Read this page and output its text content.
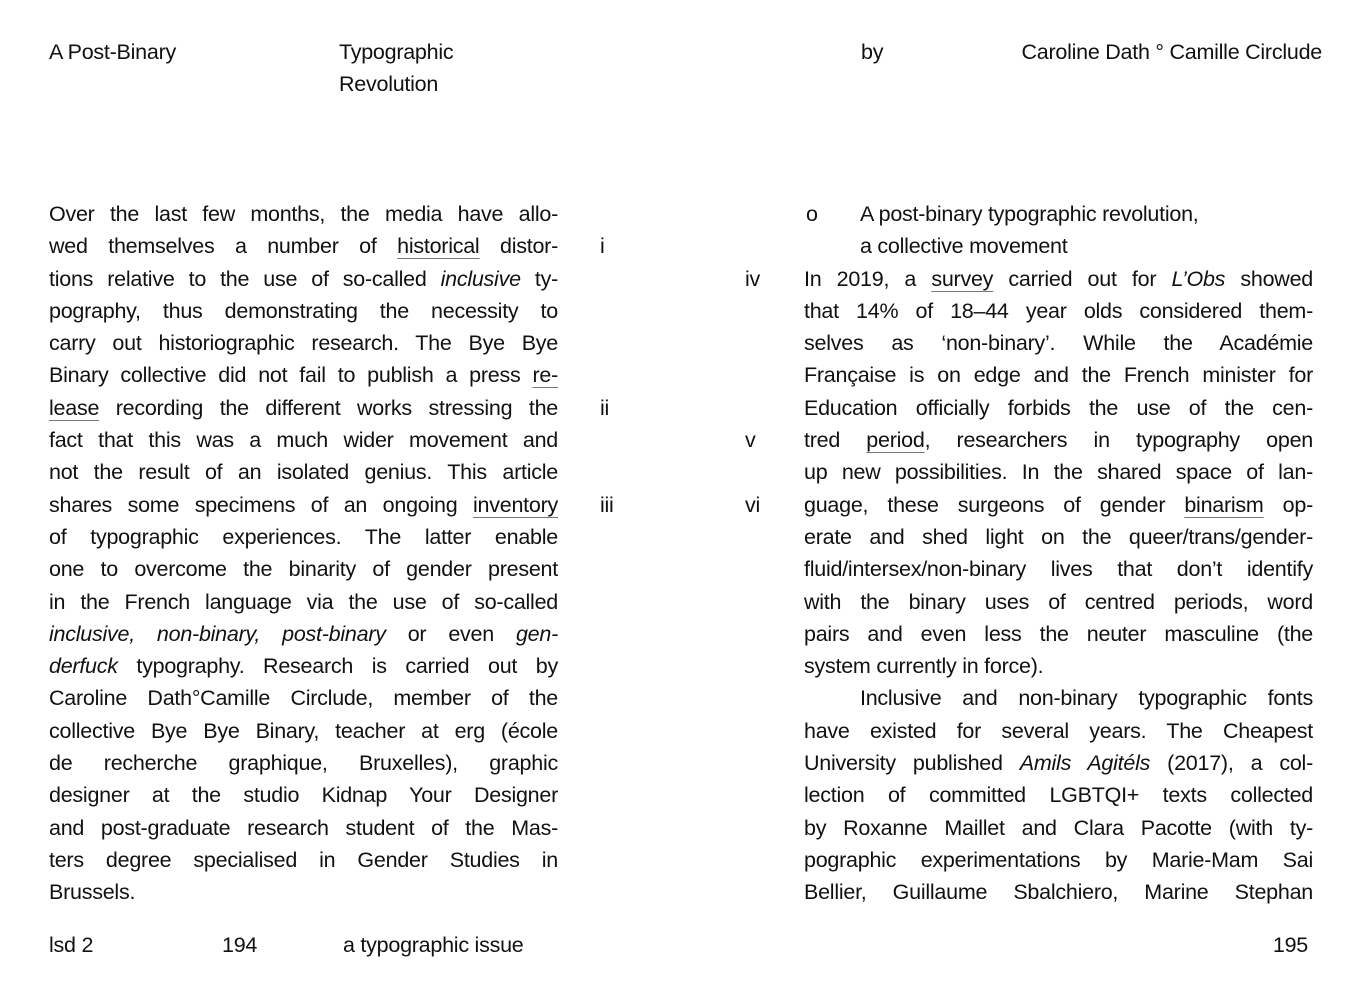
A Post-Binary	Typographic
Revolution
by	Caroline Dath ° Camille Circlude
Over the last few months, the media have allo-
wed themselves a number of historical distor-
tions relative to the use of so-called inclusive ty-
pography, thus demonstrating the necessity to
carry out historiographic research. The Bye Bye
Binary collective did not fail to publish a press re-
lease recording the different works stressing the
fact that this was a much wider movement and
not the result of an isolated genius. This article
shares some specimens of an ongoing inventory
of typographic experiences. The latter enable
one to overcome the binarity of gender present
in the French language via the use of so-called
inclusive, non-binary, post-binary or even gen-
derfuck typography. Research is carried out by
Caroline Dath°Camille Circlude, member of the
collective Bye Bye Binary, teacher at erg (école
de recherche graphique, Bruxelles), graphic
designer at the studio Kidnap Your Designer
and post-graduate research student of the Mas-
ters degree specialised in Gender Studies in
Brussels.
A post-binary typographic revolution,
a collective movement
In 2019, a survey carried out for L’Obs showed
that 14% of 18–44 year olds considered them-
selves as ‘non-binary’. While the Académie
Française is on edge and the French minister for
Education officially forbids the use of the cen-
tred period, researchers in typography open
up new possibilities. In the shared space of lan-
guage, these surgeons of gender binarism op-
erate and shed light on the queer/trans/gender-
fluid/intersex/non-binary lives that don’t identify
with the binary uses of centred periods, word
pairs and even less the neuter masculine (the
system currently in force).
Inclusive and non-binary typographic fonts
have existed for several years. The Cheapest
University published Amils Agitéls (2017), a col-
lection of committed LGBTQI+ texts collected
by Roxanne Maillet and Clara Pacotte (with ty-
pographic experimentations by Marie-Mam Sai
Bellier, Guillaume Sbalchiero, Marine Stephan
o
i
ii
iii
iv
v
vi
lsd 2	194	a typographic issue	195
